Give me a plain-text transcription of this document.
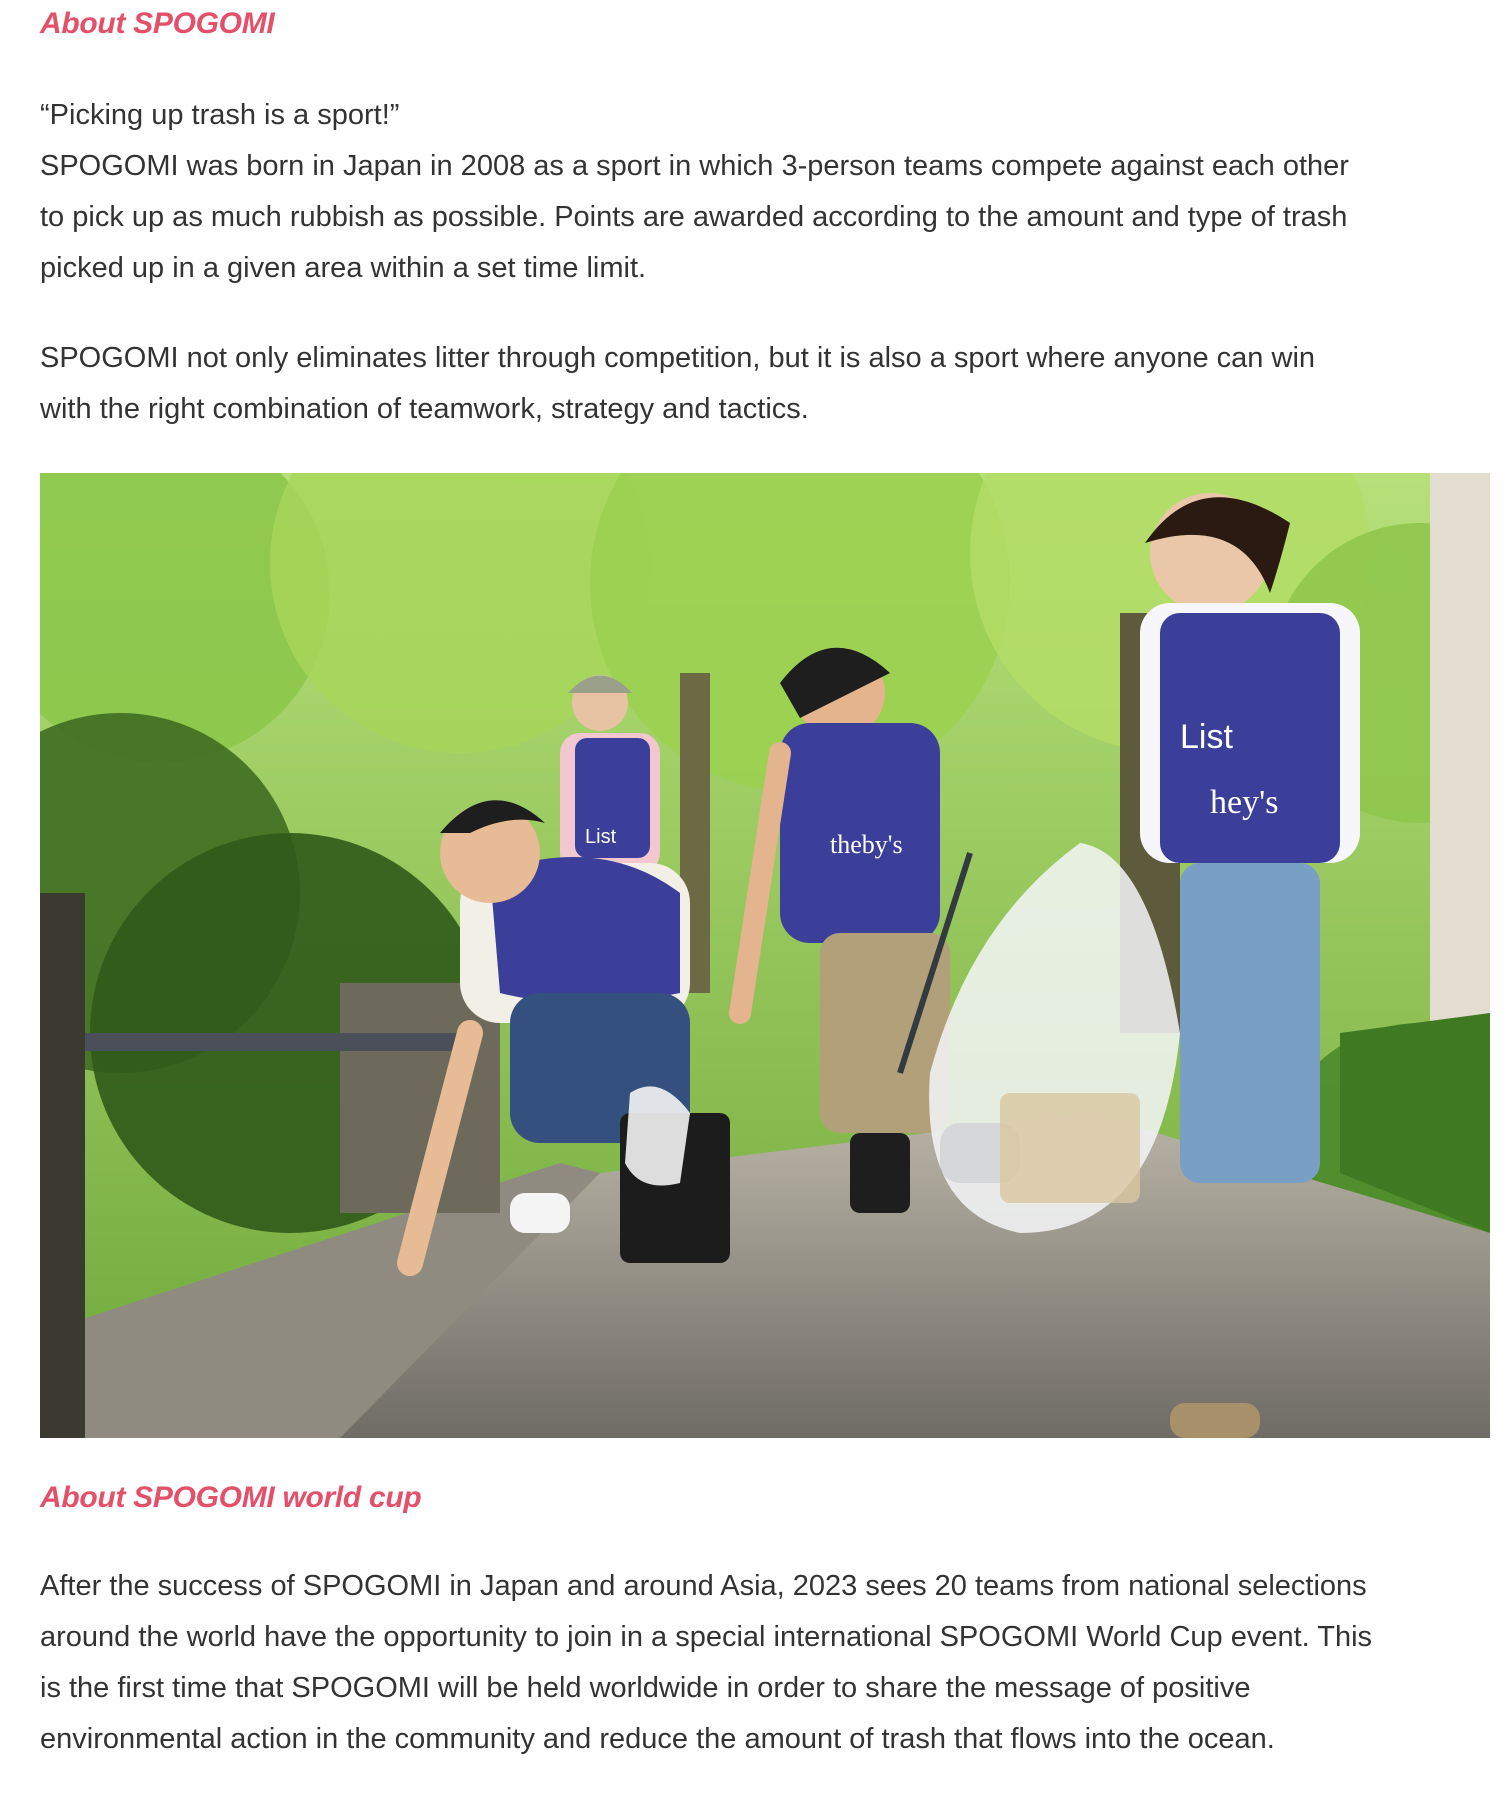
About SPOGOMI
“Picking up trash is a sport!”
SPOGOMI was born in Japan in 2008 as a sport in which 3-person teams compete against each other
to pick up as much rubbish as possible. Points are awarded according to the amount and type of trash
picked up in a given area within a set time limit.
SPOGOMI not only eliminates litter through competition, but it is also a sport where anyone can win
with the right combination of teamwork, strategy and tactics.
List	theby's
List
hey's
About SPOGOMI world cup
After the success of SPOGOMI in Japan and around Asia, 2023 sees 20 teams from national selections
around the world have the opportunity to join in a special international SPOGOMI World Cup event. This
is the first time that SPOGOMI will be held worldwide in order to share the message of positive
environmental action in the community and reduce the amount of trash that flows into the ocean.
